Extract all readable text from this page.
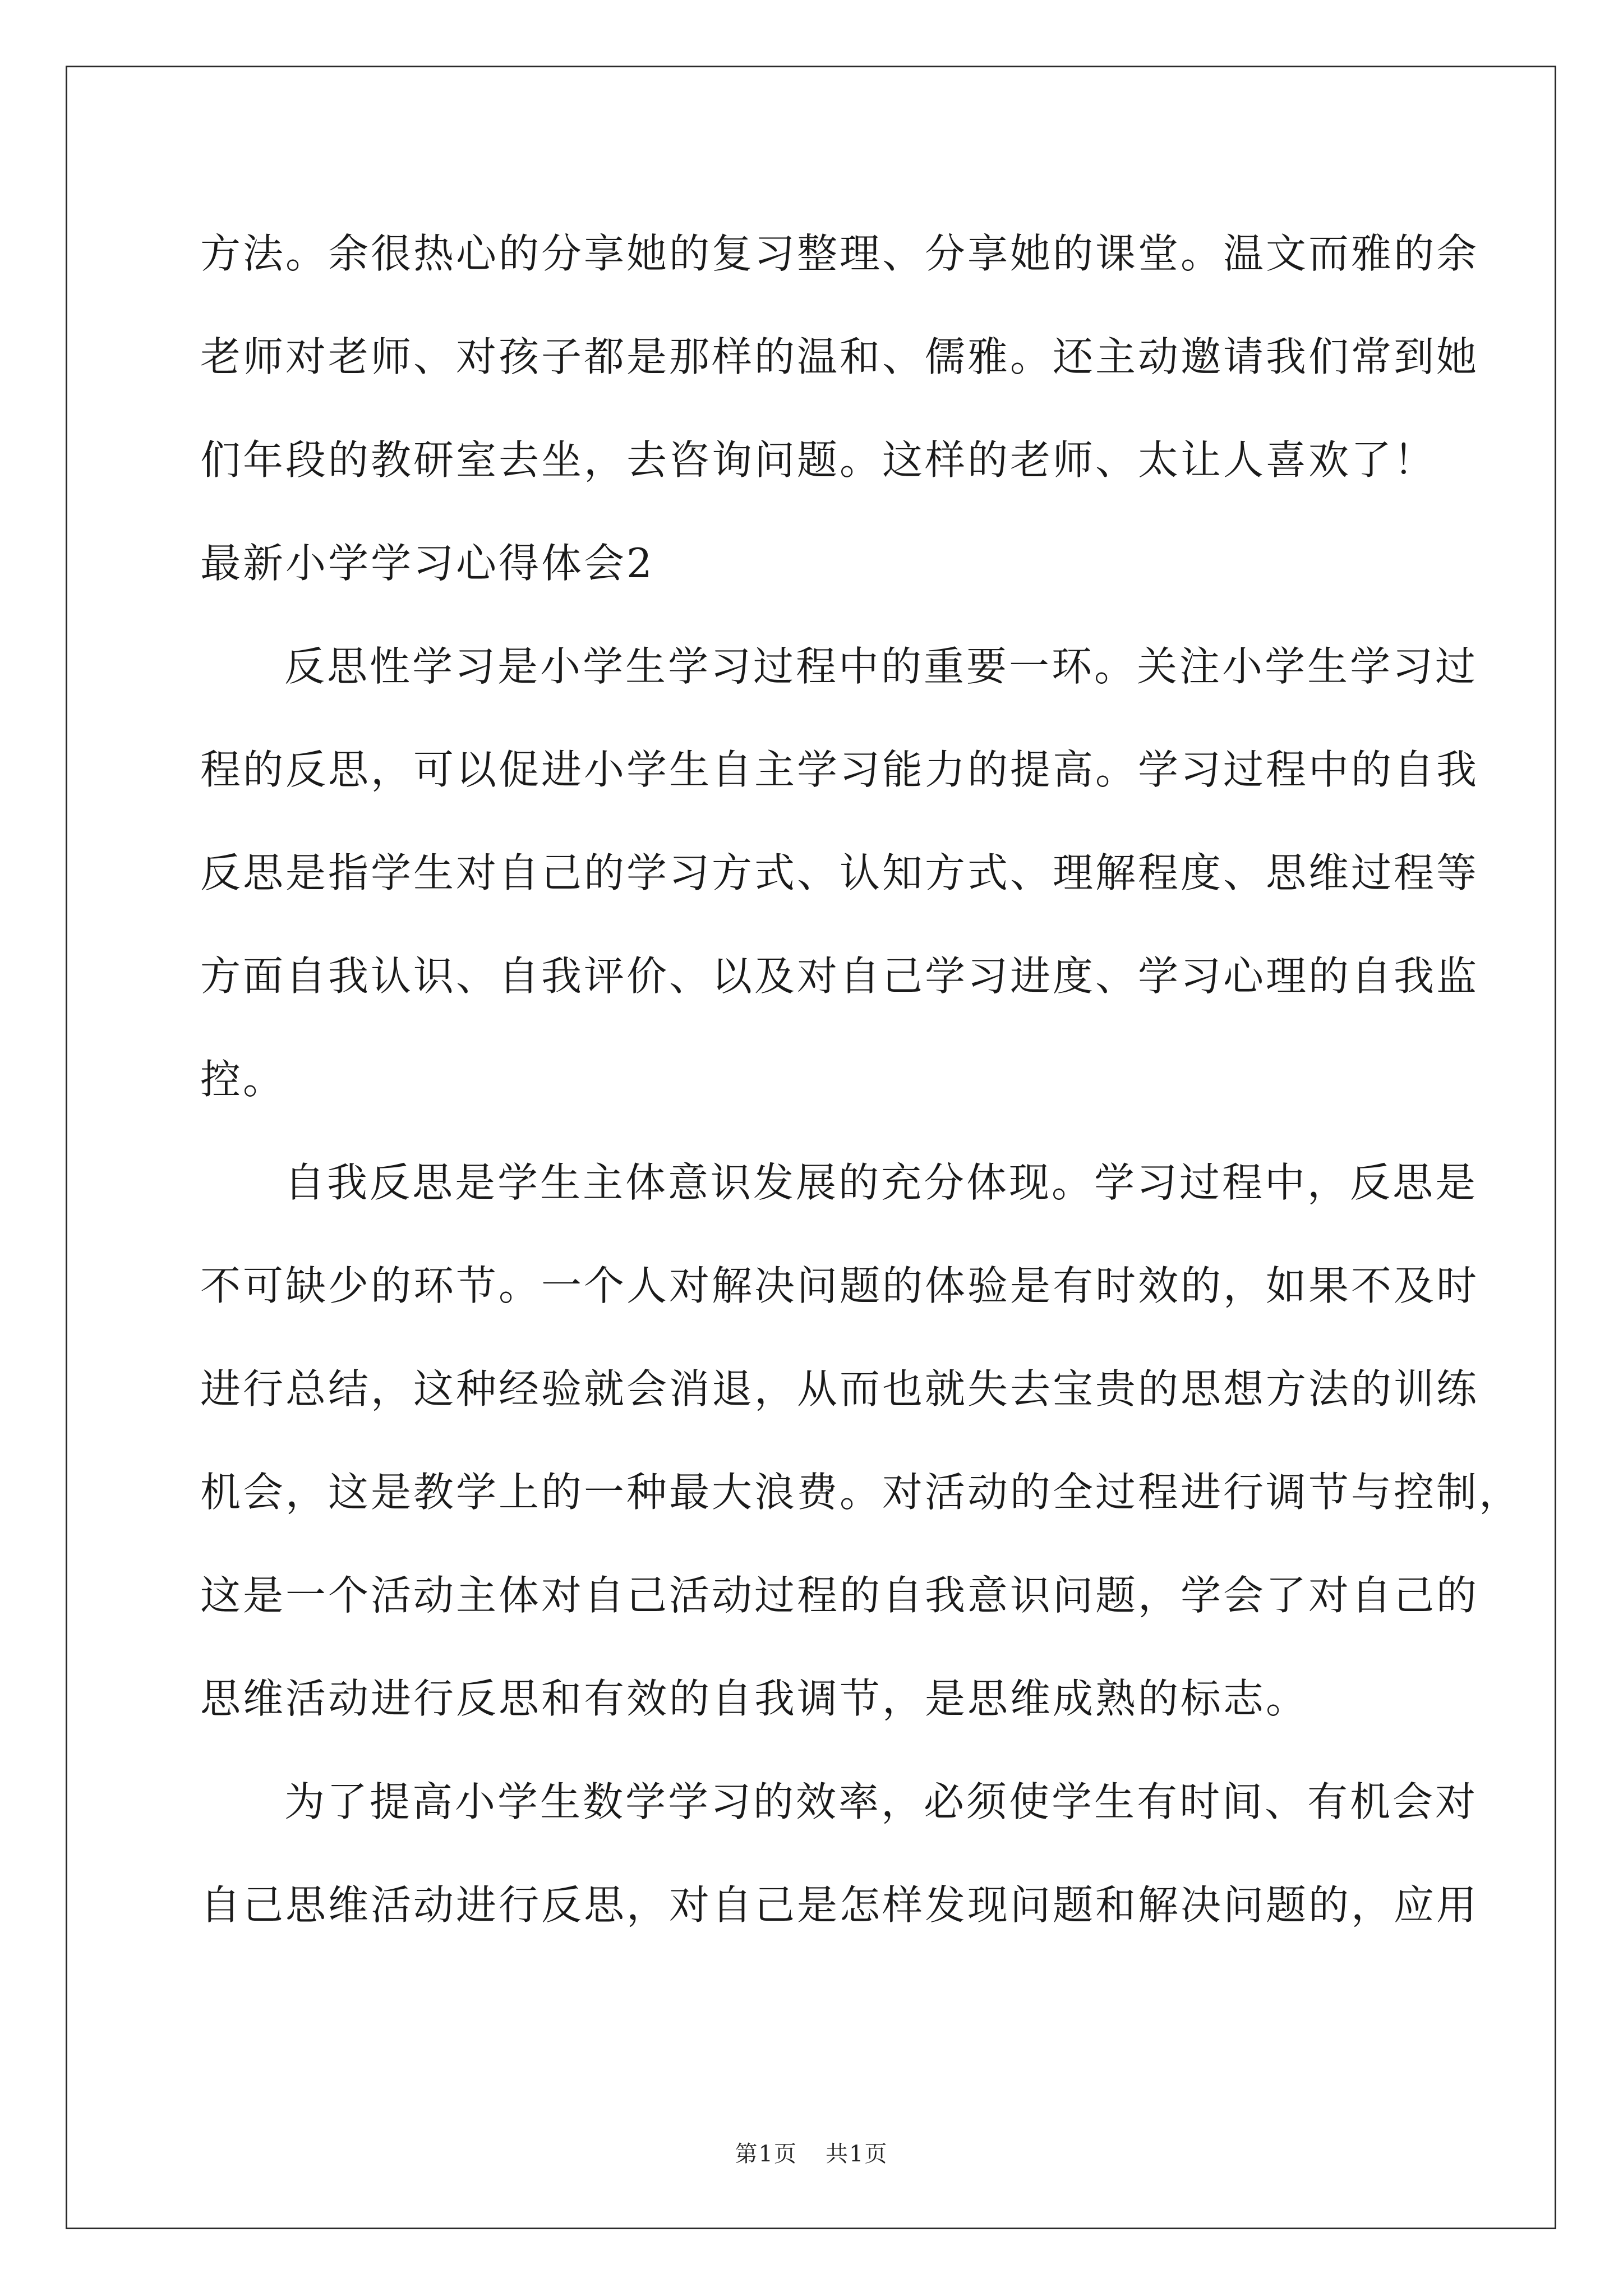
方法。余很热心的分享她的复习整理、分享她的课堂。温文而雅的余
老师对老师、对孩子都是那样的温和、儒雅。还主动邀请我们常到她
们年段的教研室去坐，去咨询问题。这样的老师、太让人喜欢了！
最新小学学习心得体会2
反思性学习是小学生学习过程中的重要一环。关注小学生学习过
程的反思，可以促进小学生自主学习能力的提高。学习过程中的自我
反思是指学生对自己的学习方式、认知方式、理解程度、思维过程等
方面自我认识、自我评价、以及对自己学习进度、学习心理的自我监
控。
自我反思是学生主体意识发展的充分体现。学习过程中，反思是
不可缺少的环节。一个人对解决问题的体验是有时效的，如果不及时
进行总结，这种经验就会消退，从而也就失去宝贵的思想方法的训练
机会，这是教学上的一种最大浪费。对活动的全过程进行调节与控制，
这是一个活动主体对自己活动过程的自我意识问题，学会了对自己的
思维活动进行反思和有效的自我调节，是思维成熟的标志。
为了提高小学生数学学习的效率，必须使学生有时间、有机会对
自己思维活动进行反思，对自己是怎样发现问题和解决问题的，应用
第1页 共1页
